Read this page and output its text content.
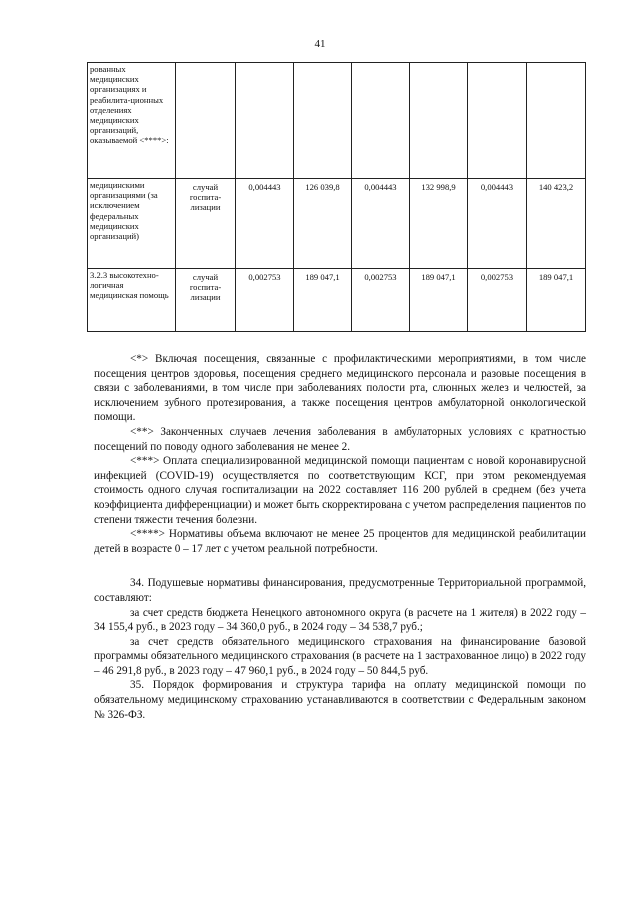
41
рованных медицинских организациях и реабилита-ционных отделениях медицинских организаций, оказываемой <****>:							
медицинскими организациями (за исключением федеральных медицинских организаций)	случай госпита-лизации	0,004443	126 039,8	0,004443	132 998,9	0,004443	140 423,2
3.2.3 высокотехно-логичная медицинская помощь	случай госпита-лизации	0,002753	189 047,1	0,002753	189 047,1	0,002753	189 047,1

<*> Включая посещения, связанные с профилактическими мероприятиями, в том числе посещения центров здоровья, посещения среднего медицинского персонала и разовые посещения в связи с заболеваниями, в том числе при заболеваниях полости рта, слюнных желез и челюстей, за исключением зубного протезирования, а также посещения центров амбулаторной онкологической помощи.

<**> Законченных случаев лечения заболевания в амбулаторных условиях с кратностью посещений по поводу одного заболевания не менее 2.

<***> Оплата специализированной медицинской помощи пациентам с новой коронавирусной инфекцией (COVID-19) осуществляется по соответствующим КСГ, при этом рекомендуемая стоимость одного случая госпитализации на 2022 составляет 116 200 рублей в среднем (без учета коэффициента дифференциации) и может быть скорректирована с учетом распределения пациентов по степени тяжести течения болезни.

<****> Нормативы объема включают не менее 25 процентов для медицинской реабилитации детей в возрасте 0 – 17 лет с учетом реальной потребности.

34. Подушевые нормативы финансирования, предусмотренные Территориальной программой, составляют:

за счет средств бюджета Ненецкого автономного округа (в расчете на 1 жителя) в 2022 году – 34 155,4 руб., в 2023 году – 34 360,0 руб., в 2024 году – 34 538,7 руб.;

за счет средств обязательного медицинского страхования на финансирование базовой программы обязательного медицинского страхования (в расчете на 1 застрахованное лицо) в 2022 году – 46 291,8 руб., в 2023 году – 47 960,1 руб., в 2024 году – 50 844,5 руб.

35. Порядок формирования и структура тарифа на оплату медицинской помощи по обязательному медицинскому страхованию устанавливаются в соответствии с Федеральным законом № 326-ФЗ.
